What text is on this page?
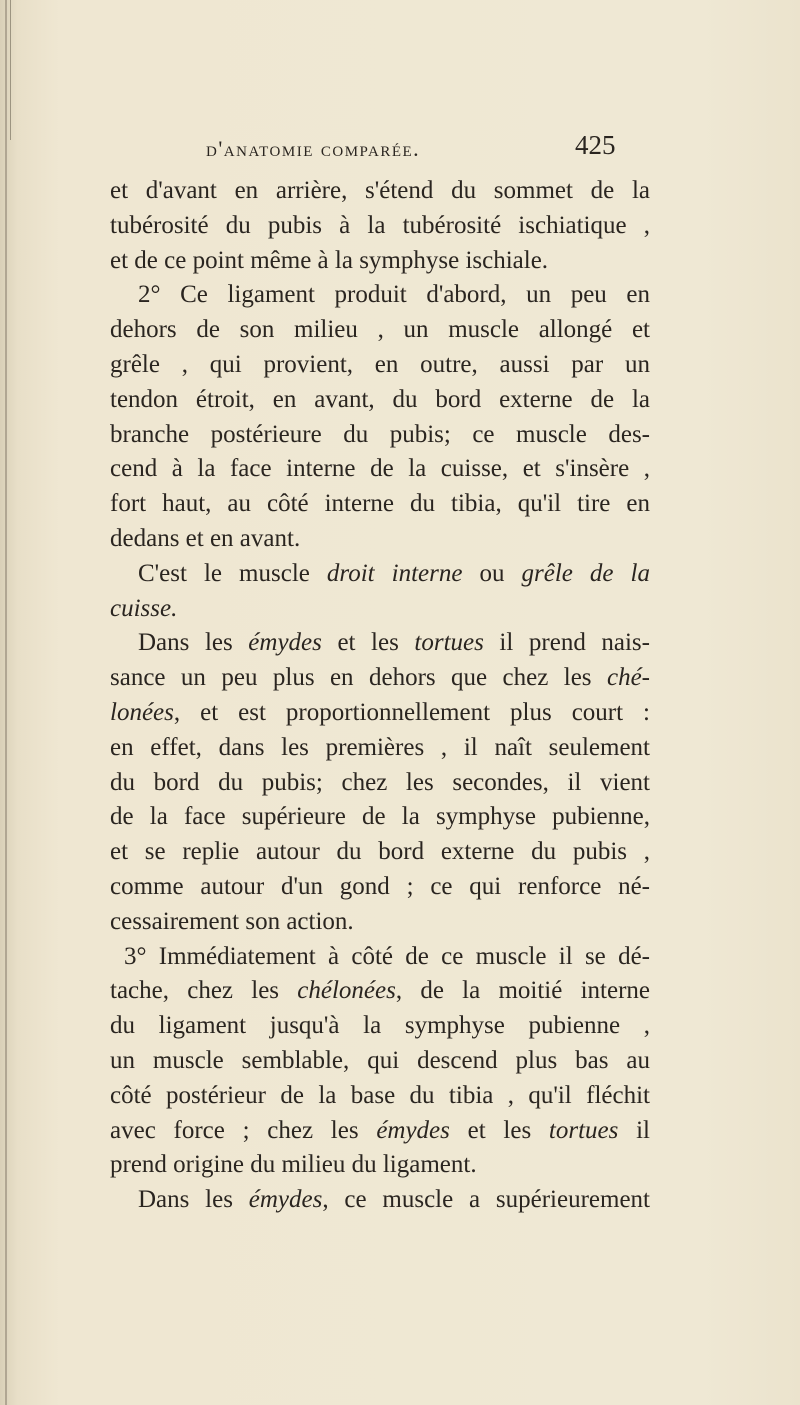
d'anatomie comparée.	425
et d'avant en arrière, s'étend du sommet de la
tubérosité du pubis à la tubérosité ischiatique ,
et de ce point même à la symphyse ischiale.
2° Ce ligament produit d'abord, un peu en
dehors de son milieu , un muscle allongé et
grêle , qui provient, en outre, aussi par un
tendon étroit, en avant, du bord externe de la
branche postérieure du pubis; ce muscle des-
cend à la face interne de la cuisse, et s'insère ,
fort haut, au côté interne du tibia, qu'il tire en
dedans et en avant.
C'est le muscle droit interne ou grêle de la
cuisse.
Dans les émydes et les tortues il prend nais-
sance un peu plus en dehors que chez les ché-
lonées, et est proportionnellement plus court :
en effet, dans les premières , il naît seulement
du bord du pubis; chez les secondes, il vient
de la face supérieure de la symphyse pubienne,
et se replie autour du bord externe du pubis ,
comme autour d'un gond ; ce qui renforce né-
cessairement son action.
3° Immédiatement à côté de ce muscle il se dé-
tache, chez les chélonées, de la moitié interne
du ligament jusqu'à la symphyse pubienne ,
un muscle semblable, qui descend plus bas au
côté postérieur de la base du tibia , qu'il fléchit
avec force ; chez les émydes et les tortues il
prend origine du milieu du ligament.
Dans les émydes, ce muscle a supérieurement
